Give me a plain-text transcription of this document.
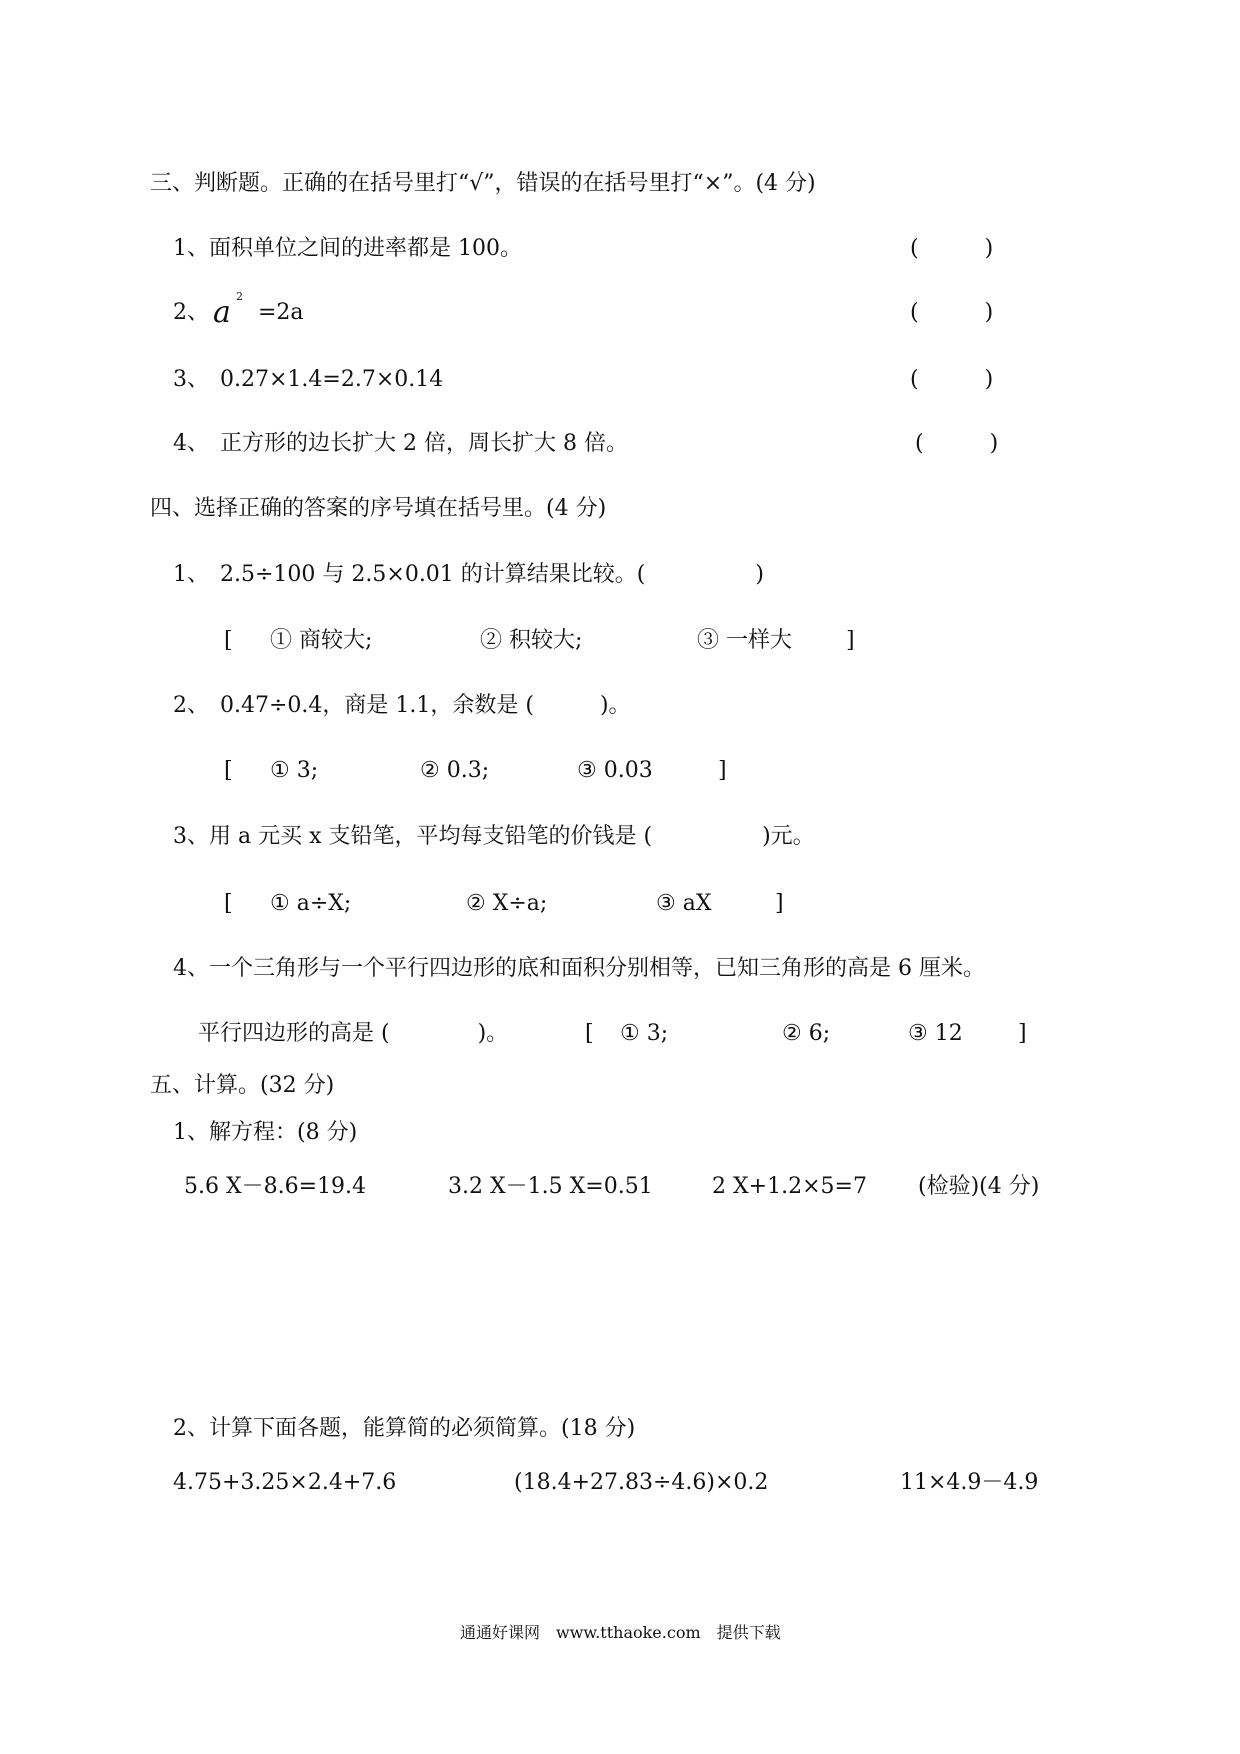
三、判断题。正确的在括号里打“√”，错误的在括号里打“×”。(4 分)
1、面积单位之间的进率都是 100。	(　　　)
2、 a 2
=2a	(　　　)
3、　0.27×1.4=2.7×0.14	(　　　)
4、　正方形的边长扩大 2 倍，周长扩大 8 倍。	(　　　)
四、选择正确的答案的序号填在括号里。(4 分)
1、　2.5÷100 与 2.5×0.01 的计算结果比较。(　　　　　)
[ ① 商较大;	② 积较大;	③ 一样大 ]
2、　0.47÷0.4，商是 1.1，余数是 (　　　)。
[ ① 3;	② 0.3;	③ 0.03	]
3、用 a 元买 x 支铅笔，平均每支铅笔的价钱是 (　　　　　)元。
[ ① a÷X;	② X÷a;	③ aX	]
4、一个三角形与一个平行四边形的底和面积分别相等，已知三角形的高是 6 厘米。
平行四边形的高是 (　　　　)。	[ ① 3;	② 6;	③ 12	]
五、计算。(32 分)
1、解方程：(8 分)
5.6 X－8.6=19.4	3.2 X－1.5 X=0.51	2 X+1.2×5=7 (检验)(4 分)
2、计算下面各题，能算简的必须简算。(18 分)
4.75+3.25×2.4+7.6	(18.4+27.83÷4.6)×0.2	11×4.9－4.9
通通好课网　www.tthaoke.com　提供下载
